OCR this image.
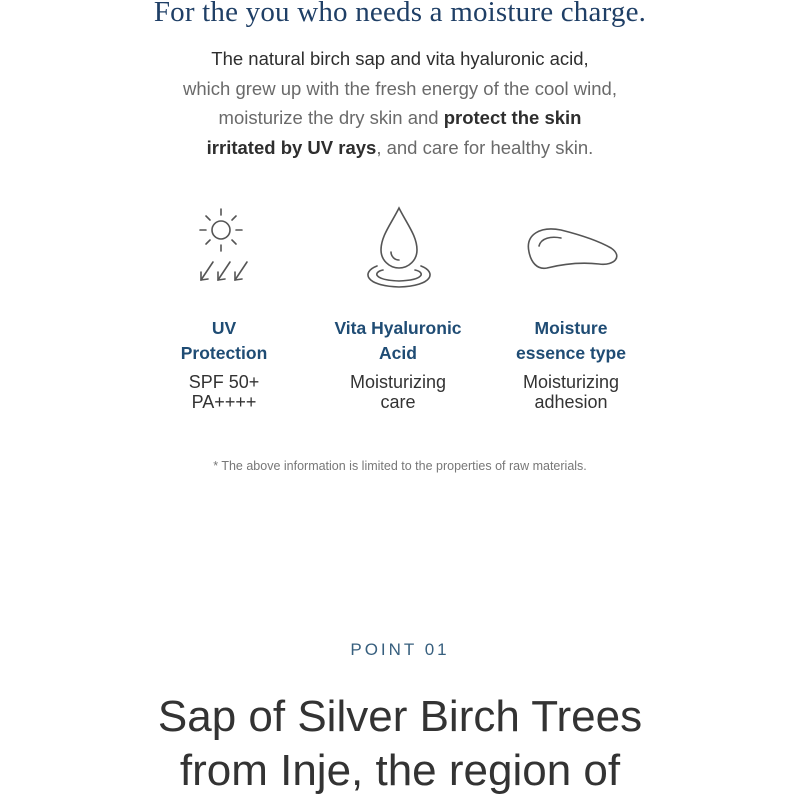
For the you who needs a moisture charge.
The natural birch sap and vita hyaluronic acid,
which grew up with the fresh energy of the cool wind,
moisturize the dry skin and protect the skin
irritated by UV rays, and care for healthy skin.
UV
Protection
SPF 50+
PA++++
Vita Hyaluronic
Acid
Moisturizing
care
Moisture
essence type
Moisturizing
adhesion
* The above information is limited to the properties of raw materials.
POINT 01
Sap of Silver Birch Trees
from Inje, the region of
